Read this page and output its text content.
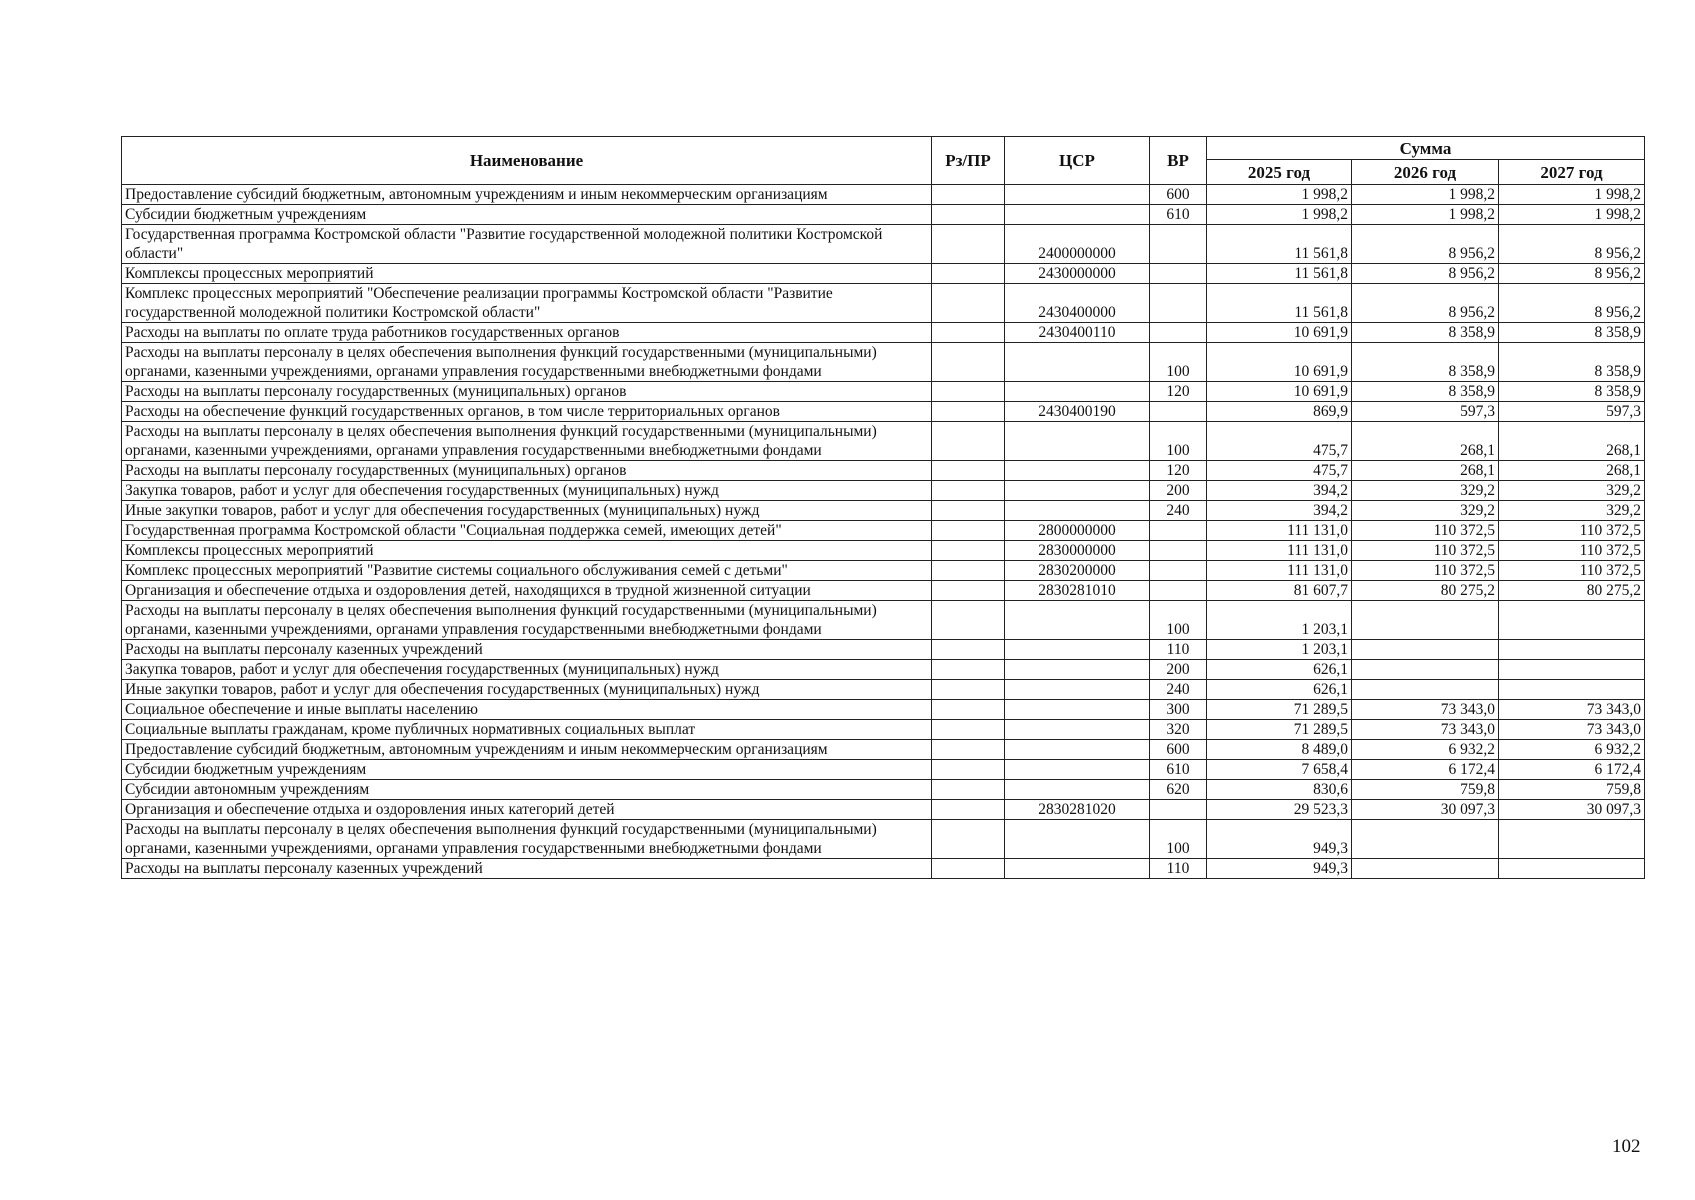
Наименование	Рз/ПР	ЦСР	ВР	Сумма		
				2025 год	2026 год	2027 год
Предоставление субсидий бюджетным, автономным учреждениям и иным некоммерческим организациям			600	1 998,2	1 998,2	1 998,2
Субсидии бюджетным учреждениям			610	1 998,2	1 998,2	1 998,2
Государственная программа Костромской области "Развитие государственной молодежной политики Костромской области"		2400000000		11 561,8	8 956,2	8 956,2
Комплексы процессных мероприятий		2430000000		11 561,8	8 956,2	8 956,2
Комплекс процессных мероприятий "Обеспечение реализации программы Костромской области "Развитие государственной молодежной политики Костромской области"		2430400000		11 561,8	8 956,2	8 956,2
Расходы на выплаты по оплате труда работников государственных органов		2430400110		10 691,9	8 358,9	8 358,9
Расходы на выплаты персоналу в целях обеспечения выполнения функций государственными (муниципальными) органами, казенными учреждениями, органами управления государственными внебюджетными фондами			100	10 691,9	8 358,9	8 358,9
Расходы на выплаты персоналу государственных (муниципальных) органов			120	10 691,9	8 358,9	8 358,9
Расходы на обеспечение функций государственных органов, в том числе территориальных органов		2430400190		869,9	597,3	597,3
Расходы на выплаты персоналу в целях обеспечения выполнения функций государственными (муниципальными) органами, казенными учреждениями, органами управления государственными внебюджетными фондами			100	475,7	268,1	268,1
Расходы на выплаты персоналу государственных (муниципальных) органов			120	475,7	268,1	268,1
Закупка товаров, работ и услуг для обеспечения государственных (муниципальных) нужд			200	394,2	329,2	329,2
Иные закупки товаров, работ и услуг для обеспечения государственных (муниципальных) нужд			240	394,2	329,2	329,2
Государственная программа Костромской области "Социальная поддержка семей, имеющих детей"		2800000000		111 131,0	110 372,5	110 372,5
Комплексы процессных мероприятий		2830000000		111 131,0	110 372,5	110 372,5
Комплекс процессных мероприятий "Развитие системы социального обслуживания семей с детьми"		2830200000		111 131,0	110 372,5	110 372,5
Организация и обеспечение отдыха и оздоровления детей, находящихся в трудной жизненной ситуации		2830281010		81 607,7	80 275,2	80 275,2
Расходы на выплаты персоналу в целях обеспечения выполнения функций государственными (муниципальными) органами, казенными учреждениями, органами управления государственными внебюджетными фондами			100	1 203,1		
Расходы на выплаты персоналу казенных учреждений			110	1 203,1		
Закупка товаров, работ и услуг для обеспечения государственных (муниципальных) нужд			200	626,1		
Иные закупки товаров, работ и услуг для обеспечения государственных (муниципальных) нужд			240	626,1		
Социальное обеспечение и иные выплаты населению			300	71 289,5	73 343,0	73 343,0
Социальные выплаты гражданам, кроме публичных нормативных социальных выплат			320	71 289,5	73 343,0	73 343,0
Предоставление субсидий бюджетным, автономным учреждениям и иным некоммерческим организациям			600	8 489,0	6 932,2	6 932,2
Субсидии бюджетным учреждениям			610	7 658,4	6 172,4	6 172,4
Субсидии автономным учреждениям			620	830,6	759,8	759,8
Организация и обеспечение отдыха и оздоровления иных категорий детей		2830281020		29 523,3	30 097,3	30 097,3
Расходы на выплаты персоналу в целях обеспечения выполнения функций государственными (муниципальными) органами, казенными учреждениями, органами управления государственными внебюджетными фондами			100	949,3		
Расходы на выплаты персоналу казенных учреждений			110	949,3		
102
